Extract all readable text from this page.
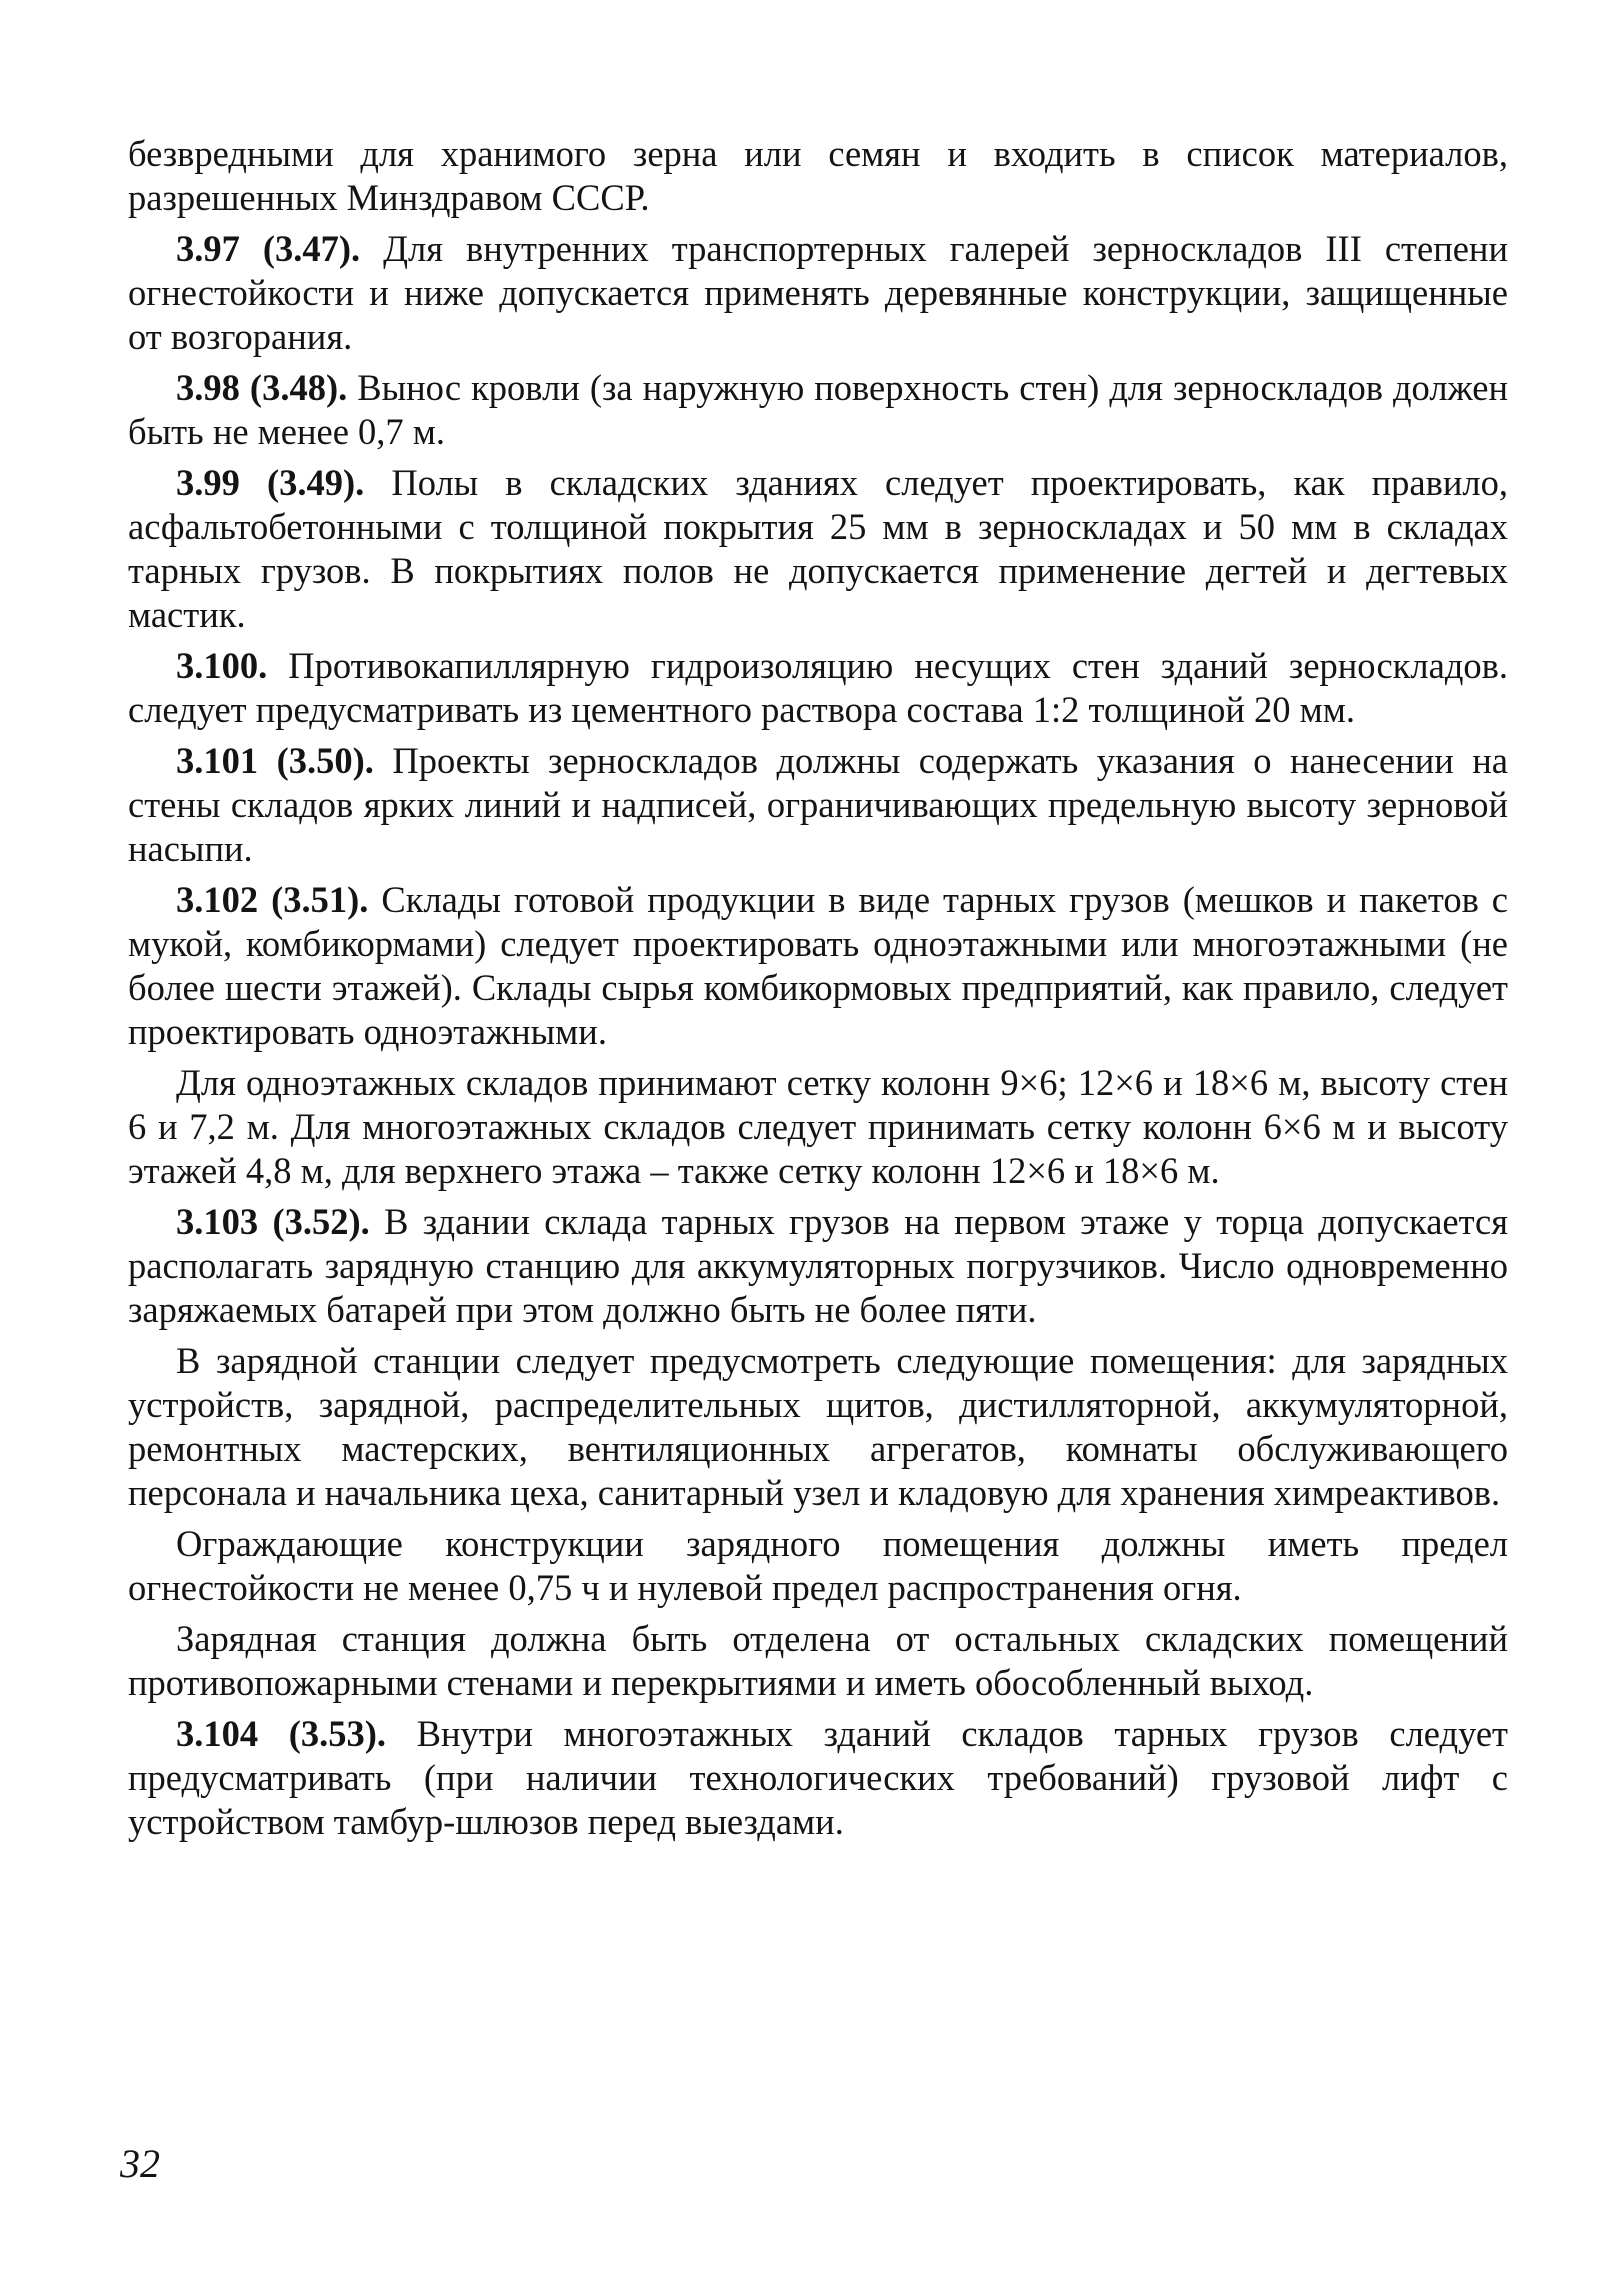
безвредными для хранимого зерна или семян и входить в список материалов, разрешенных Минздравом СССР.

3.97 (3.47). Для внутренних транспортерных галерей зерноскладов III степени огнестойкости и ниже допускается применять деревянные конструкции, защищенные от возгорания.

3.98 (3.48). Вынос кровли (за наружную поверхность стен) для зерноскладов должен быть не менее 0,7 м.

3.99 (3.49). Полы в складских зданиях следует проектировать, как правило, асфальтобетонными с толщиной покрытия 25 мм в зерноскладах и 50 мм в складах тарных грузов. В покрытиях полов не допускается применение дегтей и дегтевых мастик.

3.100. Противокапиллярную гидроизоляцию несущих стен зданий зерноскладов. следует предусматривать из цементного раствора состава 1:2 толщиной 20 мм.

3.101 (3.50). Проекты зерноскладов должны содержать указания о нанесении на стены складов ярких линий и надписей, ограничивающих предельную высоту зерновой насыпи.

3.102 (3.51). Склады готовой продукции в виде тарных грузов (мешков и пакетов с мукой, комбикормами) следует проектировать одноэтажными или многоэтажными (не более шести этажей). Склады сырья комбикормовых предприятий, как правило, следует проектировать одноэтажными.

Для одноэтажных складов принимают сетку колонн 9×6; 12×6 и 18×6 м, высоту стен 6 и 7,2 м. Для многоэтажных складов следует принимать сетку колонн 6×6 м и высоту этажей 4,8 м, для верхнего этажа – также сетку колонн 12×6 и 18×6 м.

3.103 (3.52). В здании склада тарных грузов на первом этаже у торца допускается располагать зарядную станцию для аккумуляторных погрузчиков. Число одновременно заряжаемых батарей при этом должно быть не более пяти.

В зарядной станции следует предусмотреть следующие помещения: для зарядных устройств, зарядной, распределительных щитов, дистилляторной, аккумуляторной, ремонтных мастерских, вентиляционных агрегатов, комнаты обслуживающего персонала и начальника цеха, санитарный узел и кладовую для хранения химреактивов.

Ограждающие конструкции зарядного помещения должны иметь предел огнестойкости не менее 0,75 ч и нулевой предел распространения огня.

Зарядная станция должна быть отделена от остальных складских помещений противопожарными стенами и перекрытиями и иметь обособленный выход.

3.104 (3.53). Внутри многоэтажных зданий складов тарных грузов следует предусматривать (при наличии технологических требований) грузовой лифт с устройством тамбур-шлюзов перед выездами.

32
